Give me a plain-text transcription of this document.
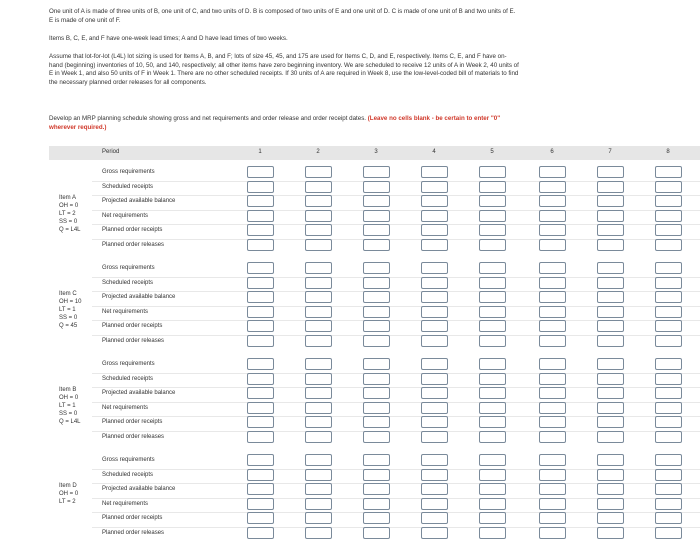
One unit of A is made of three units of B, one unit of C, and two units of D. B is composed of two units of E and one unit of D. C is made of one unit of B and two units of E. E is made of one unit of F.
Items B, C, E, and F have one-week lead times; A and D have lead times of two weeks.
Assume that lot-for-lot (L4L) lot sizing is used for Items A, B, and F; lots of size 45, 45, and 175 are used for Items C, D, and E, respectively. Items C, E, and F have on-hand (beginning) inventories of 10, 50, and 140, respectively; all other items have zero beginning inventory. We are scheduled to receive 12 units of A in Week 2, 40 units of E in Week 1, and also 50 units of F in Week 1. There are no other scheduled receipts. If 30 units of A are required in Week 8, use the low-level-coded bill of materials to find the necessary planned order releases for all components.
Develop an MRP planning schedule showing gross and net requirements and order release and order receipt dates. (Leave no cells blank - be certain to enter "0" wherever required.)
Period	1	2	3	4	5	6	7	8
Item A
OH = 0
LT = 2
SS = 0
Q = L4L
Gross requirements
Scheduled receipts
Projected available balance
Net requirements
Planned order receipts
Planned order releases
Item C
OH = 10
LT = 1
SS = 0
Q = 45
Gross requirements
Scheduled receipts
Projected available balance
Net requirements
Planned order receipts
Planned order releases
Item B
OH = 0
LT = 1
SS = 0
Q = L4L
Gross requirements
Scheduled receipts
Projected available balance
Net requirements
Planned order receipts
Planned order releases
Item D
OH = 0
LT = 2
Gross requirements
Scheduled receipts
Projected available balance
Net requirements
Planned order receipts
Planned order releases
